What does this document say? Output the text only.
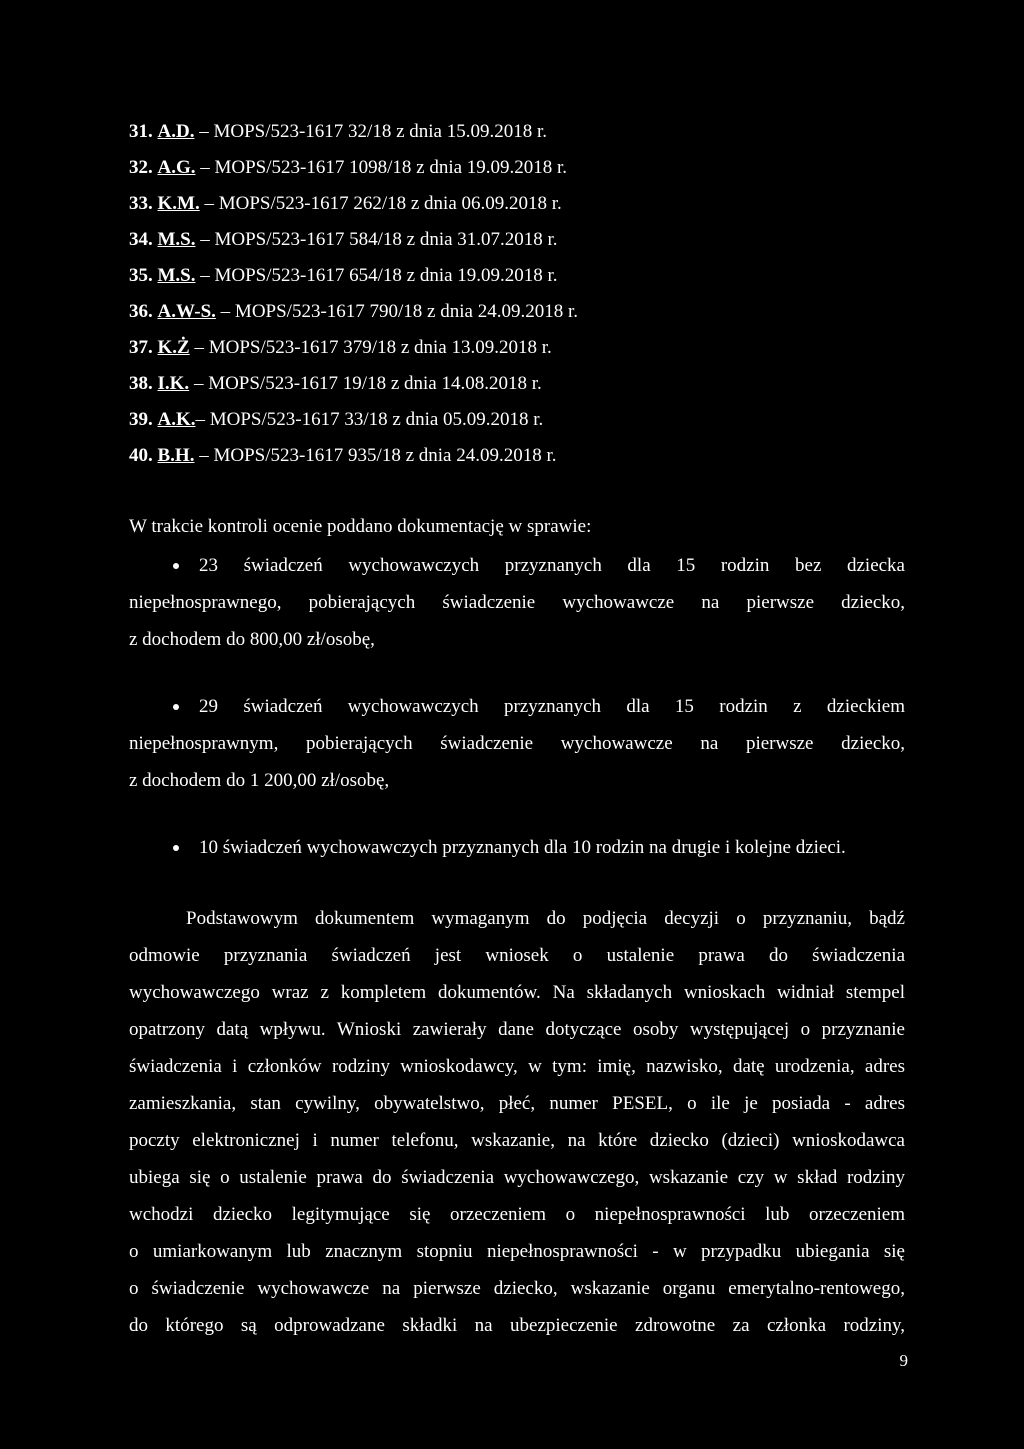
31. A.D. – MOPS/523-1617 32/18 z dnia 15.09.2018 r.
32. A.G. – MOPS/523-1617 1098/18 z dnia 19.09.2018 r.
33. K.M. – MOPS/523-1617 262/18 z dnia 06.09.2018 r.
34. M.S. – MOPS/523-1617 584/18 z dnia 31.07.2018 r.
35. M.S. – MOPS/523-1617 654/18 z dnia 19.09.2018 r.
36. A.W-S. – MOPS/523-1617 790/18 z dnia 24.09.2018 r.
37. K.Ż – MOPS/523-1617 379/18 z dnia 13.09.2018 r.
38. I.K. – MOPS/523-1617 19/18 z dnia 14.08.2018 r.
39. A.K.– MOPS/523-1617 33/18 z dnia 05.09.2018 r.
40. B.H. – MOPS/523-1617 935/18 z dnia 24.09.2018 r.
W trakcie kontroli ocenie poddano dokumentację w sprawie:
23 świadczeń wychowawczych przyznanych dla 15 rodzin bez dziecka
niepełnosprawnego, pobierających świadczenie wychowawcze na pierwsze dziecko,
z dochodem do 800,00 zł/osobę,
29 świadczeń wychowawczych przyznanych dla 15 rodzin z dzieckiem
niepełnosprawnym, pobierających świadczenie wychowawcze na pierwsze dziecko,
z dochodem do 1 200,00 zł/osobę,
10 świadczeń wychowawczych przyznanych dla 10 rodzin na drugie i kolejne dzieci.
Podstawowym dokumentem wymaganym do podjęcia decyzji o przyznaniu, bądź
odmowie przyznania świadczeń jest wniosek o ustalenie prawa do świadczenia
wychowawczego wraz z kompletem dokumentów. Na składanych wnioskach widniał stempel
opatrzony datą wpływu. Wnioski zawierały dane dotyczące osoby występującej o przyznanie
świadczenia i członków rodziny wnioskodawcy, w tym: imię, nazwisko, datę urodzenia, adres
zamieszkania, stan cywilny, obywatelstwo, płeć, numer PESEL, o ile je posiada - adres
poczty elektronicznej i numer telefonu, wskazanie, na które dziecko (dzieci) wnioskodawca
ubiega się o ustalenie prawa do świadczenia wychowawczego, wskazanie czy w skład rodziny
wchodzi dziecko legitymujące się orzeczeniem o niepełnosprawności lub orzeczeniem
o umiarkowanym lub znacznym stopniu niepełnosprawności - w przypadku ubiegania się
o świadczenie wychowawcze na pierwsze dziecko, wskazanie organu emerytalno-rentowego,
do którego są odprowadzane składki na ubezpieczenie zdrowotne za członka rodziny,
9
